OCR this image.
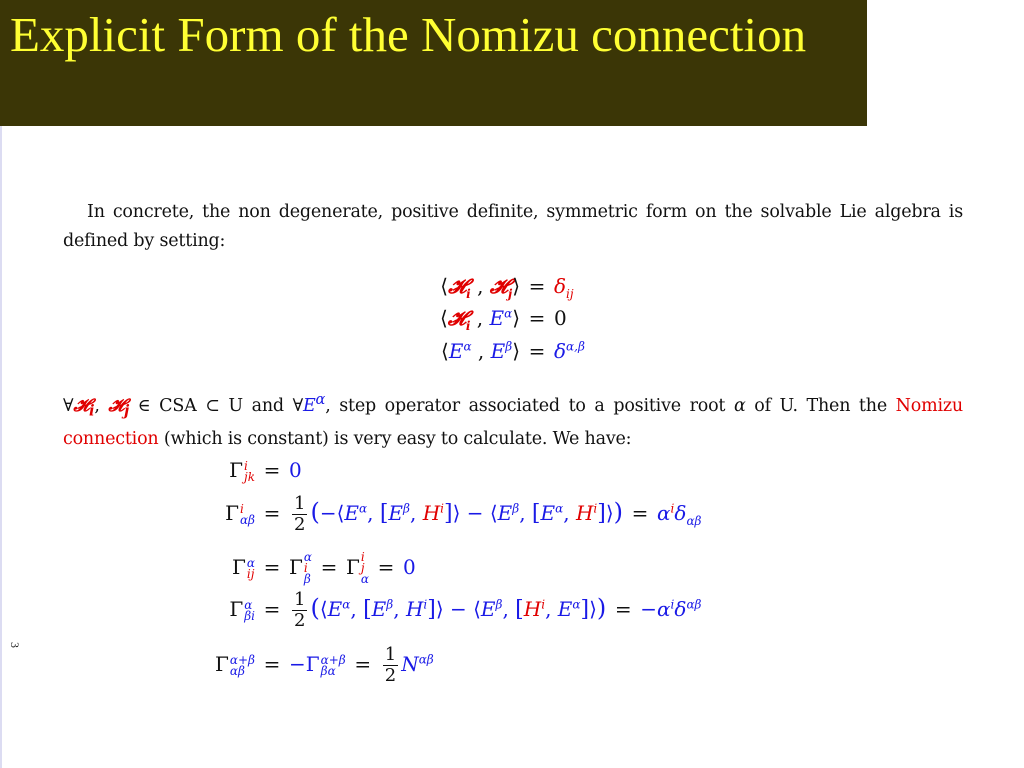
Explicit Form of the Nomizu connection
3
In concrete, the non degenerate, positive definite, symmetric form on the solvable Lie algebra is defined by setting:
⟨𝓗$_i$ , 𝓗$_j$⟩ = $\delta_{ij}$
⟨𝓗$_i$ , $E^\alpha⟩ = 0$
$⟨E^\alpha$ , $E^\beta⟩ = \delta^{\alpha,\beta}$
∀𝓗$_i$, 𝓗$_j$ ∈ CSA ⊂ U and $\forall E^\alpha$, step operator associated to a positive root α of U. Then the Nomizu connection (which is constant) is very easy to calculate. We have:
Γ i
jk = 0
Γ i
$\alpha\beta = \frac{1}{2}$ ($-⟨E^\alpha$, [$E^\beta$, $H^i]⟩$ − $⟨E^\beta$, [$E^\alpha$, $H^i]⟩) = \alpha^i\delta_{\alpha\beta}$
Γ α
ij = Γ α
i
β = Γ i
j
α = 0
Γ α
$\beta i = \frac{1}{2}$ ($⟨E^\alpha$, [$E^\beta$, $H^i]⟩$ − $⟨E^\beta$, [$H^i$, $E^\alpha]⟩) = -\alpha^i\delta^{\alpha\beta}$
Γ α+β
αβ = −Γ α+β
$\beta\alpha = \frac{1}{2} N^{\alpha\beta}$
